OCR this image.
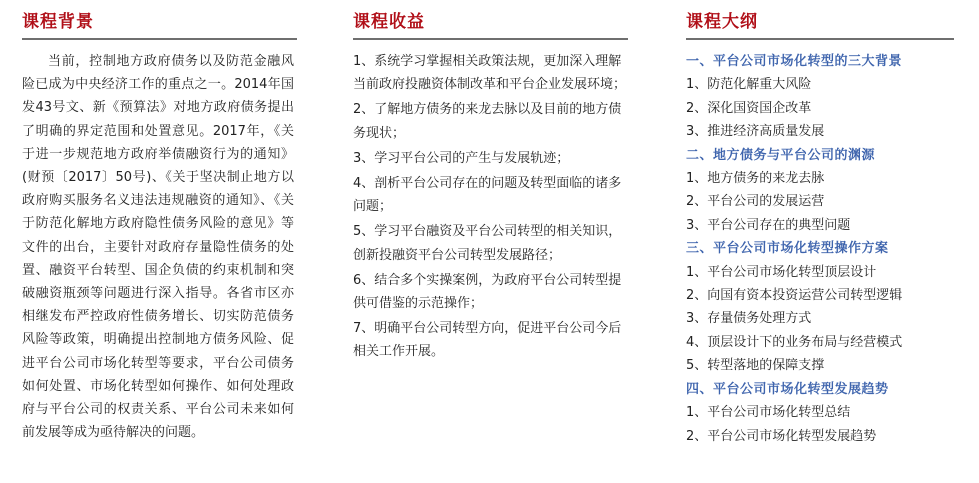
课程背景

当前，控制地方政府债务以及防范金融风险已成为中央经济工作的重点之一。2014年国发43号文、新《预算法》对地方政府债务提出了明确的界定范围和处置意见。2017年，《关于进一步规范地方政府举债融资行为的通知》(财预〔2017〕50号)、《关于坚决制止地方以政府购买服务名义违法违规融资的通知》、《关于防范化解地方政府隐性债务风险的意见》等文件的出台，主要针对政府存量隐性债务的处置、融资平台转型、国企负债的约束机制和突破融资瓶颈等问题进行深入指导。各省市区亦相继发布严控政府性债务增长、切实防范债务风险等政策，明确提出控制地方债务风险、促进平台公司市场化转型等要求，平台公司债务如何处置、市场化转型如何操作、如何处理政府与平台公司的权责关系、平台公司未来如何前发展等成为亟待解决的问题。

课程收益

1、系统学习掌握相关政策法规，更加深入理解当前政府投融资体制改革和平台企业发展环境；

2、了解地方债务的来龙去脉以及目前的地方债务现状；

3、学习平台公司的产生与发展轨迹；

4、剖析平台公司存在的问题及转型面临的诸多问题；

5、学习平台融资及平台公司转型的相关知识，创新投融资平台公司转型发展路径；

6、结合多个实操案例，为政府平台公司转型提供可借鉴的示范操作；

7、明确平台公司转型方向，促进平台公司今后相关工作开展。

课程大纲
一、平台公司市场化转型的三大背景
1、防范化解重大风险
2、深化国资国企改革
3、推进经济高质量发展
二、地方债务与平台公司的渊源
1、地方债务的来龙去脉
2、平台公司的发展运营
3、平台公司存在的典型问题
三、平台公司市场化转型操作方案
1、平台公司市场化转型顶层设计
2、向国有资本投资运营公司转型逻辑
3、存量债务处理方式
4、顶层设计下的业务布局与经营模式
5、转型落地的保障支撑
四、平台公司市场化转型发展趋势
1、平台公司市场化转型总结
2、平台公司市场化转型发展趋势
